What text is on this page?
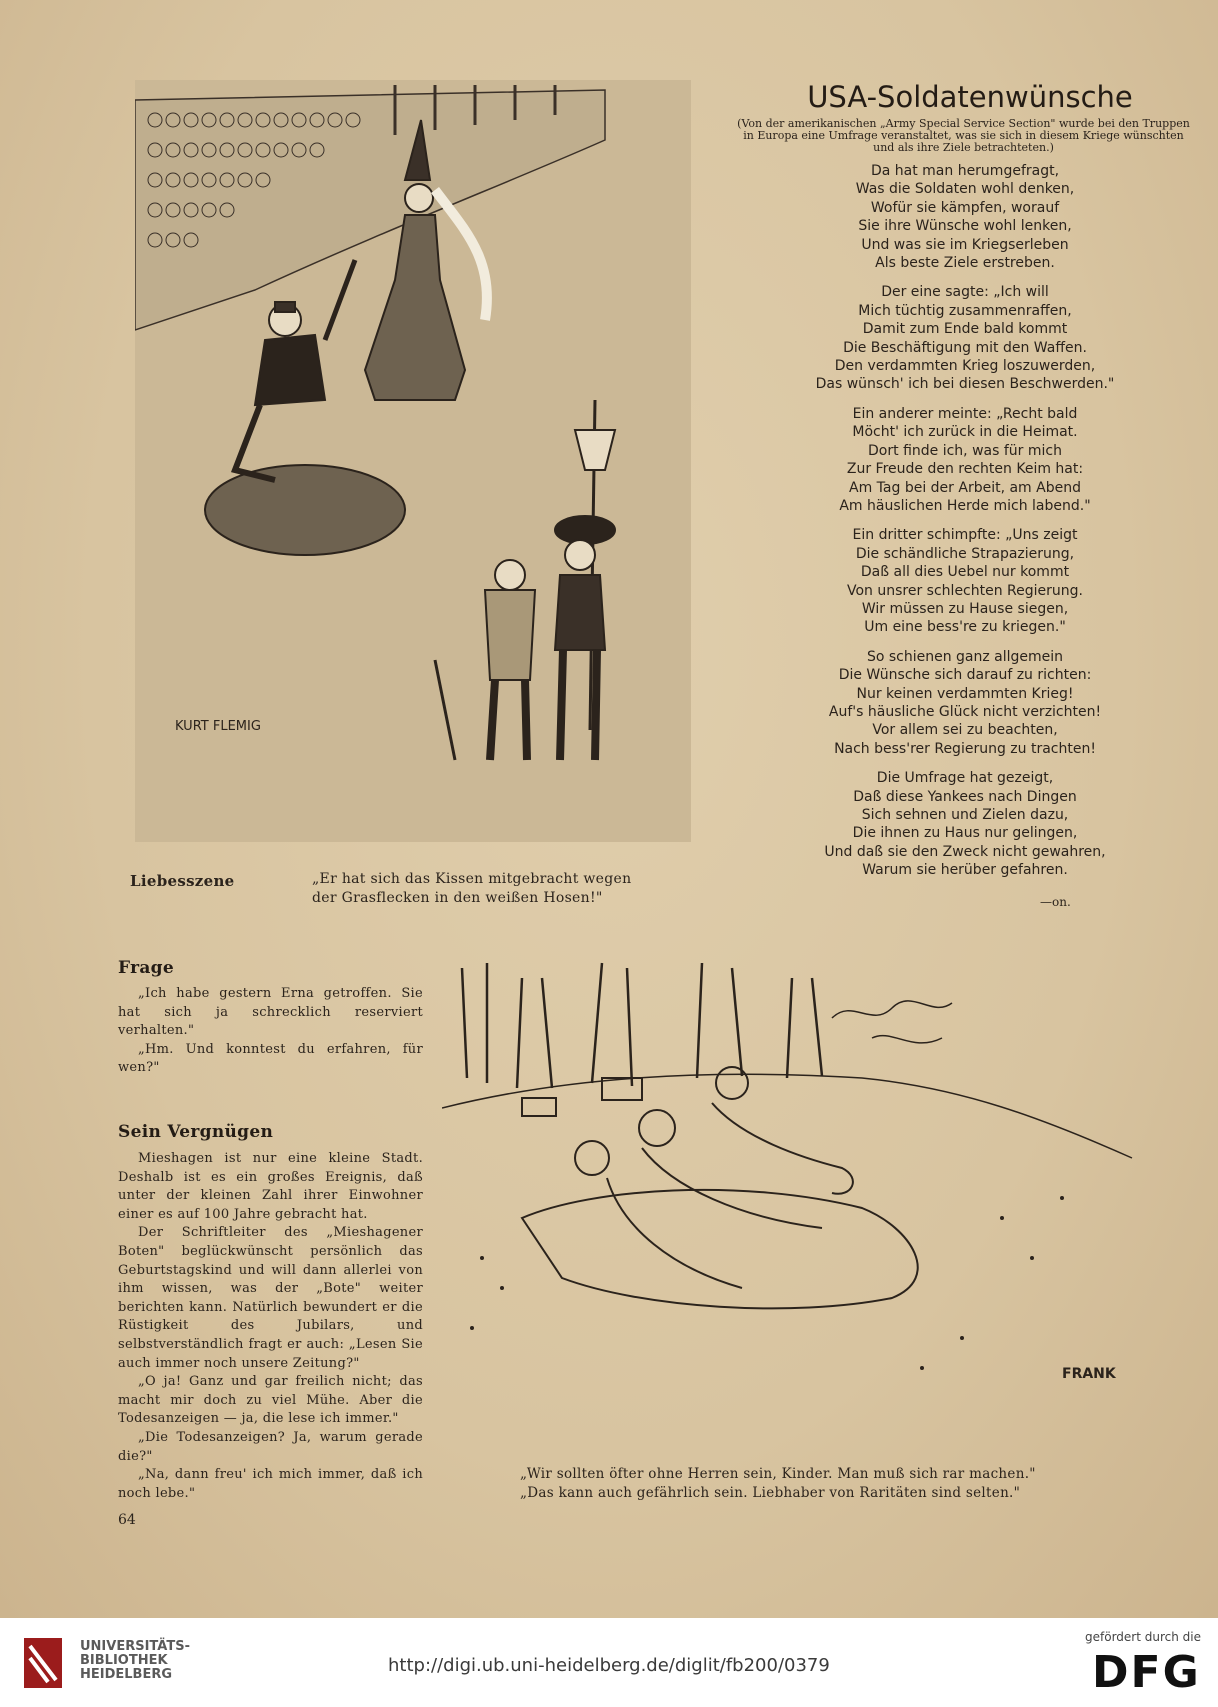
KURT FLEMIG
USA-Soldatenwünsche
(Von der amerikanischen „Army Special Service Section" wurde bei den Truppen in Europa eine Umfrage veranstaltet, was sie sich in diesem Kriege wünschten und als ihre Ziele betrachteten.)
Da hat man herumgefragt,
Was die Soldaten wohl denken,
Wofür sie kämpfen, worauf
Sie ihre Wünsche wohl lenken,
Und was sie im Kriegserleben
Als beste Ziele erstreben.
Der eine sagte: „Ich will
Mich tüchtig zusammenraffen,
Damit zum Ende bald kommt
Die Beschäftigung mit den Waffen.
Den verdammten Krieg loszuwerden,
Das wünsch' ich bei diesen Beschwerden."
Ein anderer meinte: „Recht bald
Möcht' ich zurück in die Heimat.
Dort finde ich, was für mich
Zur Freude den rechten Keim hat:
Am Tag bei der Arbeit, am Abend
Am häuslichen Herde mich labend."
Ein dritter schimpfte: „Uns zeigt
Die schändliche Strapazierung,
Daß all dies Uebel nur kommt
Von unsrer schlechten Regierung.
Wir müssen zu Hause siegen,
Um eine bess're zu kriegen."
So schienen ganz allgemein
Die Wünsche sich darauf zu richten:
Nur keinen verdammten Krieg!
Auf's häusliche Glück nicht verzichten!
Vor allem sei zu beachten,
Nach bess'rer Regierung zu trachten!
Die Umfrage hat gezeigt,
Daß diese Yankees nach Dingen
Sich sehnen und Zielen dazu,
Die ihnen zu Haus nur gelingen,
Und daß sie den Zweck nicht gewahren,
Warum sie herüber gefahren.
—on.
Liebesszene	„Er hat sich das Kissen mitgebracht wegen der Grasflecken in den weißen Hosen!"
Frage

„Ich habe gestern Erna getroffen. Sie hat sich ja schrecklich reserviert verhalten."

„Hm. Und konntest du erfahren, für wen?"

Sein Vergnügen

Mieshagen ist nur eine kleine Stadt. Deshalb ist es ein großes Ereignis, daß unter der kleinen Zahl ihrer Einwohner einer es auf 100 Jahre gebracht hat.

Der Schriftleiter des „Mieshagener Boten" beglückwünscht persönlich das Geburtstagskind und will dann allerlei von ihm wissen, was der „Bote" weiter berichten kann. Natürlich bewundert er die Rüstigkeit des Jubilars, und selbstverständlich fragt er auch: „Lesen Sie auch immer noch unsere Zeitung?"

„O ja! Ganz und gar freilich nicht; das macht mir doch zu viel Mühe. Aber die Todesanzeigen — ja, die lese ich immer."

„Die Todesanzeigen? Ja, warum gerade die?"

„Na, dann freu' ich mich immer, daß ich noch lebe."

FRANK
„Wir sollten öfter ohne Herren sein, Kinder. Man muß sich rar machen."
„Das kann auch gefährlich sein. Liebhaber von Raritäten sind selten."
64
UNIVERSITÄTS-
BIBLIOTHEK
HEIDELBERG	http://digi.ub.uni-heidelberg.de/diglit/fb200/0379
gefördert durch die
DFG
